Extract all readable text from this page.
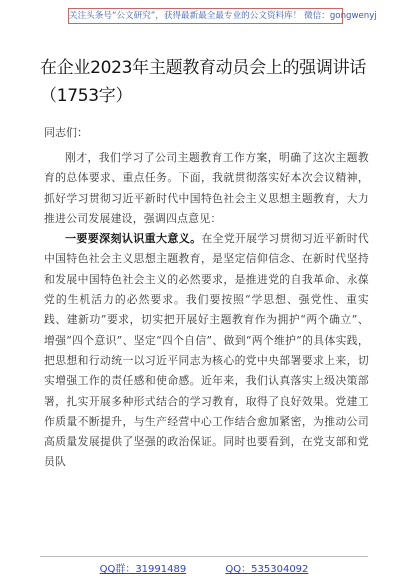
关注头条号“公文研究”，获得最新最全最专业的公文资料库！ 微信：gongwenyj
在企业2023年主题教育动员会上的强调讲话（1753字）
同志们：

刚才，我们学习了公司主题教育工作方案，明确了这次主题教育的总体要求、重点任务。下面，我就贯彻落实好本次会议精神，抓好学习贯彻习近平新时代中国特色社会主义思想主题教育，大力推进公司发展建设，强调四点意见：

一要要深刻认识重大意义。在全党开展学习贯彻习近平新时代中国特色社会主义思想主题教育，是坚定信仰信念、在新时代坚持和发展中国特色社会主义的必然要求，是推进党的自我革命、永葆党的生机活力的必然要求。我们要按照“学思想、强党性、重实践、建新功”要求，切实把开展好主题教育作为拥护“两个确立”、增强“四个意识”、坚定“四个自信”、做到“两个维护”的具体实践，把思想和行动统一以习近平同志为核心的党中央部署要求上来，切实增强工作的责任感和使命感。近年来，我们认真落实上级决策部署，扎实开展多种形式结合的学习教育，取得了良好效果。党建工作质量不断提升，与生产经营中心工作结合愈加紧密，为推动公司高质量发展提供了坚强的政治保证。同时也要看到，在党支部和党员队

QQ群：31991489	QQ：535304092
